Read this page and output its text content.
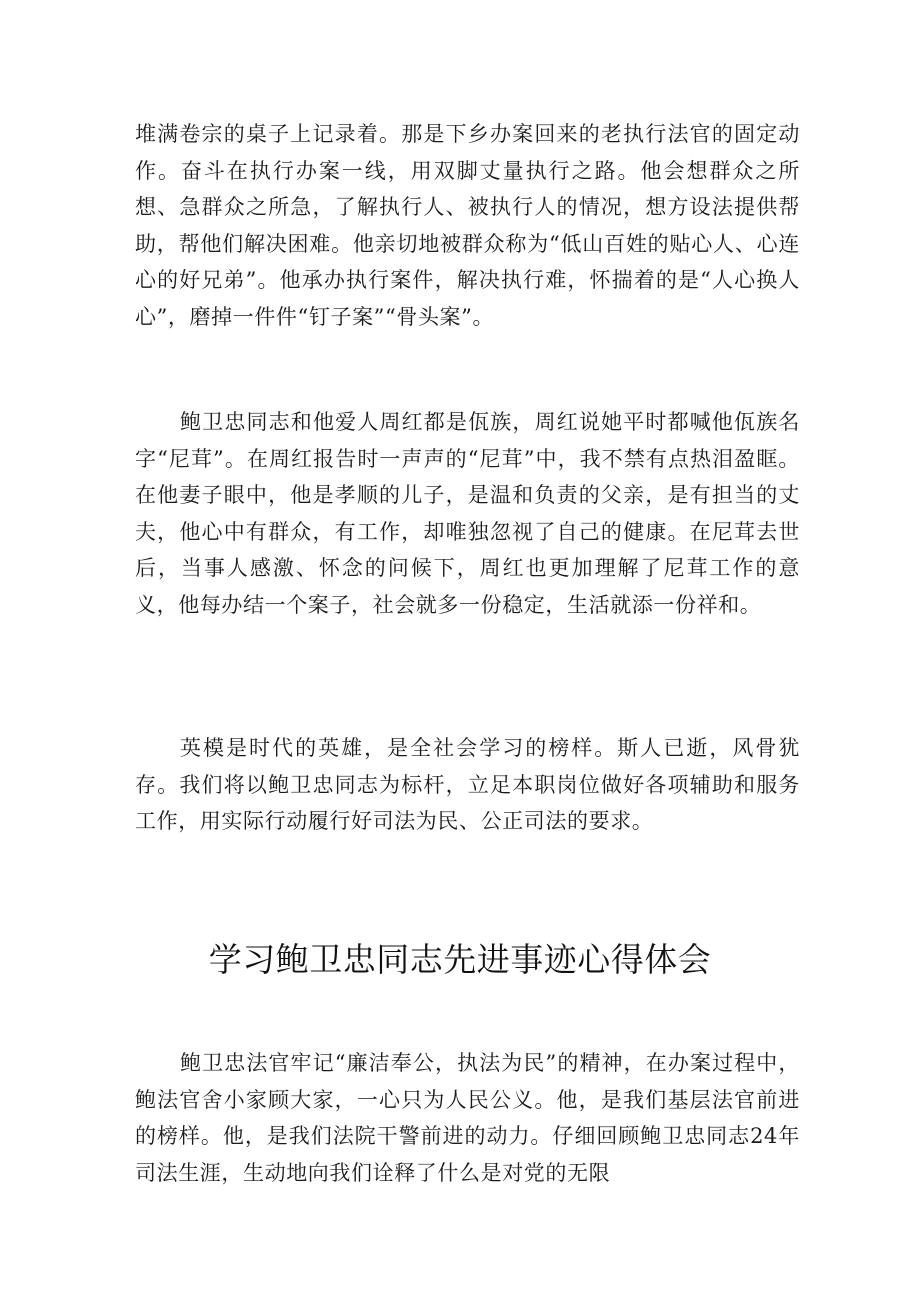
堆满卷宗的桌子上记录着。那是下乡办案回来的老执行法官的固定动作。奋斗在执行办案一线，用双脚丈量执行之路。他会想群众之所想、急群众之所急，了解执行人、被执行人的情况，想方设法提供帮助，帮他们解决困难。他亲切地被群众称为“低山百姓的贴心人、心连心的好兄弟”。他承办执行案件，解决执行难，怀揣着的是“人心换人心”，磨掉一件件“钉子案”“骨头案”。

鲍卫忠同志和他爱人周红都是佤族，周红说她平时都喊他佤族名字“尼茸”。在周红报告时一声声的“尼茸”中，我不禁有点热泪盈眶。在他妻子眼中，他是孝顺的儿子，是温和负责的父亲，是有担当的丈夫，他心中有群众，有工作，却唯独忽视了自己的健康。在尼茸去世后，当事人感激、怀念的问候下，周红也更加理解了尼茸工作的意义，他每办结一个案子，社会就多一份稳定，生活就添一份祥和。

英模是时代的英雄，是全社会学习的榜样。斯人已逝，风骨犹存。我们将以鲍卫忠同志为标杆，立足本职岗位做好各项辅助和服务工作，用实际行动履行好司法为民、公正司法的要求。

学习鲍卫忠同志先进事迹心得体会

鲍卫忠法官牢记“廉洁奉公，执法为民”的精神，在办案过程中，鲍法官舍小家顾大家，一心只为人民公义。他，是我们基层法官前进的榜样。他，是我们法院干警前进的动力。仔细回顾鲍卫忠同志24年司法生涯，生动地向我们诠释了什么是对党的无限
